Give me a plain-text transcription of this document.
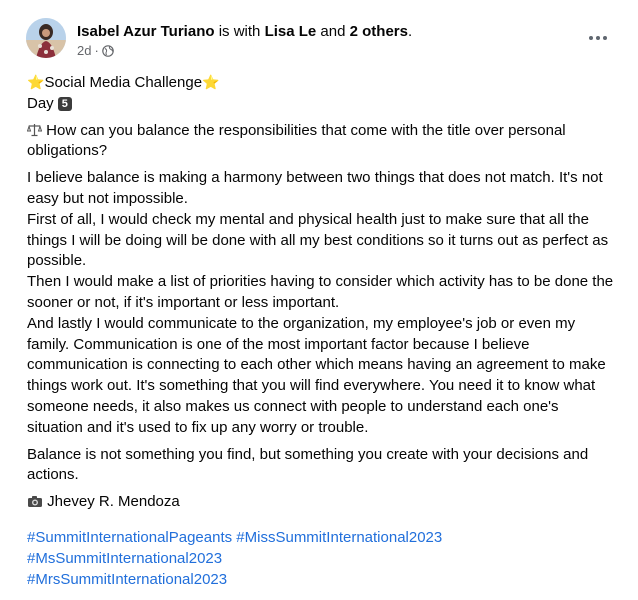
Isabel Azur Turiano is with Lisa Le and 2 others.
2d ·

⭐Social Media Challenge⭐

Day 5

How can you balance the responsibilities that come with the title over personal obligations?

I believe balance is making a harmony between two things that does not match. It's not easy but not impossible.

First of all, I would check my mental and physical health just to make sure that all the things I will be doing will be done with all my best conditions so it turns out as perfect as possible.

Then I would make a list of priorities having to consider which activity has to be done the sooner or not, if it's important or less important.

And lastly I would communicate to the organization, my employee's job or even my family. Communication is one of the most important factor because I believe communication is connecting to each other which means having an agreement to make things work out. It's something that you will find everywhere. You need it to know what someone needs, it also makes us connect with people to understand each one's situation and it's used to fix up any worry or trouble.

Balance is not something you find, but something you create with your decisions and actions.

Jhevey R. Mendoza

#SummitInternationalPageants #MissSummitInternational2023
#MsSummitInternational2023
#MrsSummitInternational2023
